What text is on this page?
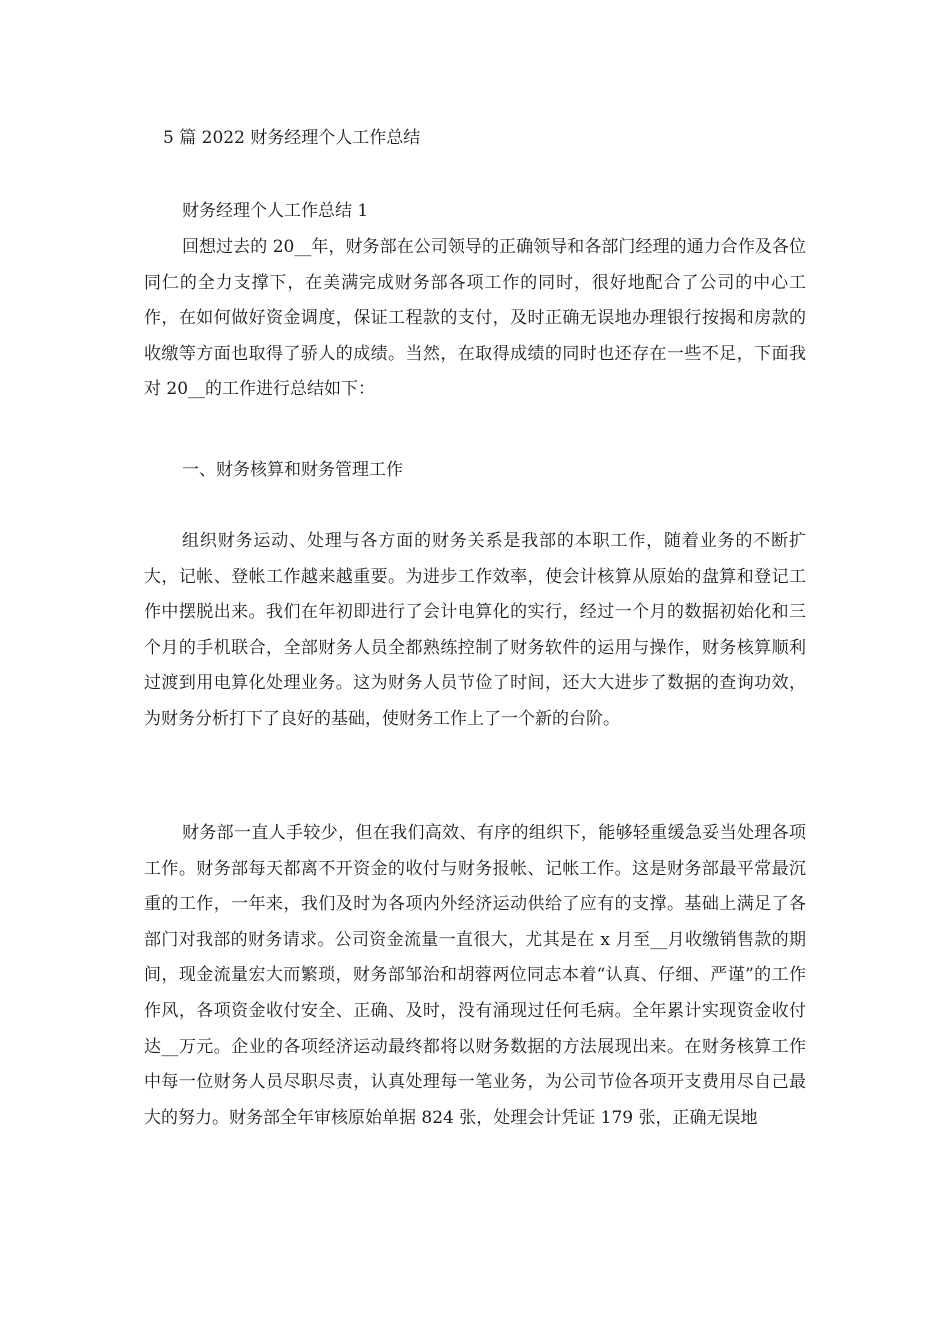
5 篇 2022 财务经理个人工作总结
财务经理个人工作总结 1

回想过去的 20__年，财务部在公司领导的正确领导和各部门经理的通力合作及各位同仁的全力支撑下，在美满完成财务部各项工作的同时，很好地配合了公司的中心工作，在如何做好资金调度，保证工程款的支付，及时正确无误地办理银行按揭和房款的收缴等方面也取得了骄人的成绩。当然，在取得成绩的同时也还存在一些不足，下面我对 20__的工作进行总结如下：

一、财务核算和财务管理工作

组织财务运动、处理与各方面的财务关系是我部的本职工作，随着业务的不断扩大，记帐、登帐工作越来越重要。为进步工作效率，使会计核算从原始的盘算和登记工作中摆脱出来。我们在年初即进行了会计电算化的实行，经过一个月的数据初始化和三个月的手机联合，全部财务人员全都熟练控制了财务软件的运用与操作，财务核算顺利过渡到用电算化处理业务。这为财务人员节俭了时间，还大大进步了数据的查询功效，为财务分析打下了良好的基础，使财务工作上了一个新的台阶。

财务部一直人手较少，但在我们高效、有序的组织下，能够轻重缓急妥当处理各项工作。财务部每天都离不开资金的收付与财务报帐、记帐工作。这是财务部最平常最沉重的工作，一年来，我们及时为各项内外经济运动供给了应有的支撑。基础上满足了各部门对我部的财务请求。公司资金流量一直很大，尤其是在 x 月至__月收缴销售款的期间，现金流量宏大而繁琐，财务部邹治和胡蓉两位同志本着“认真、仔细、严谨”的工作作风，各项资金收付安全、正确、及时，没有涌现过任何毛病。全年累计实现资金收付达__万元。企业的各项经济运动最终都将以财务数据的方法展现出来。在财务核算工作中每一位财务人员尽职尽责，认真处理每一笔业务，为公司节俭各项开支费用尽自己最大的努力。财务部全年审核原始单据 824 张，处理会计凭证 179 张，正确无误地
